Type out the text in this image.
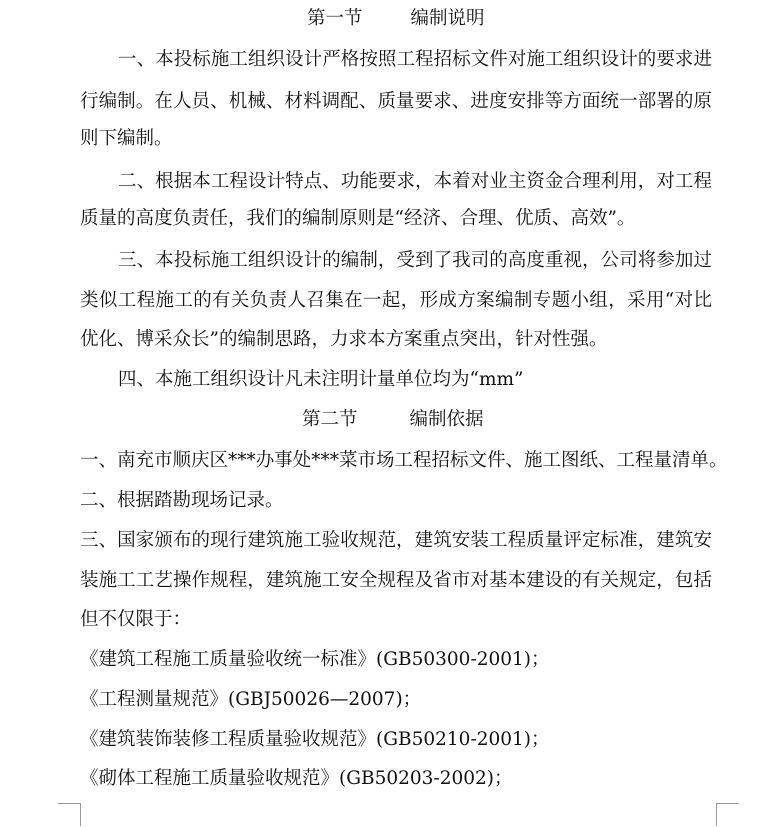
第一节	编制说明
一、本投标施工组织设计严格按照工程招标文件对施工组织设计的要求进
行编制。在人员、机械、材料调配、质量要求、进度安排等方面统一部署的原
则下编制。
二、根据本工程设计特点、功能要求，本着对业主资金合理利用，对工程
质量的高度负责任，我们的编制原则是“经济、合理、优质、高效”。
三、本投标施工组织设计的编制，受到了我司的高度重视，公司将参加过
类似工程施工的有关负责人召集在一起，形成方案编制专题小组，采用“对比
优化、博采众长”的编制思路，力求本方案重点突出，针对性强。
四、本施工组织设计凡未注明计量单位均为“mm”
第二节	编制依据
一、南充市顺庆区***办事处***菜市场工程招标文件、施工图纸、工程量清单。
二、根据踏勘现场记录。
三、国家颁布的现行建筑施工验收规范，建筑安装工程质量评定标准，建筑安
装施工工艺操作规程，建筑施工安全规程及省市对基本建设的有关规定，包括
但不仅限于：
《建筑工程施工质量验收统一标准》(GB50300-2001)；
《工程测量规范》(GBJ50026—2007)；
《建筑装饰装修工程质量验收规范》(GB50210-2001)；
《砌体工程施工质量验收规范》(GB50203-2002)；
